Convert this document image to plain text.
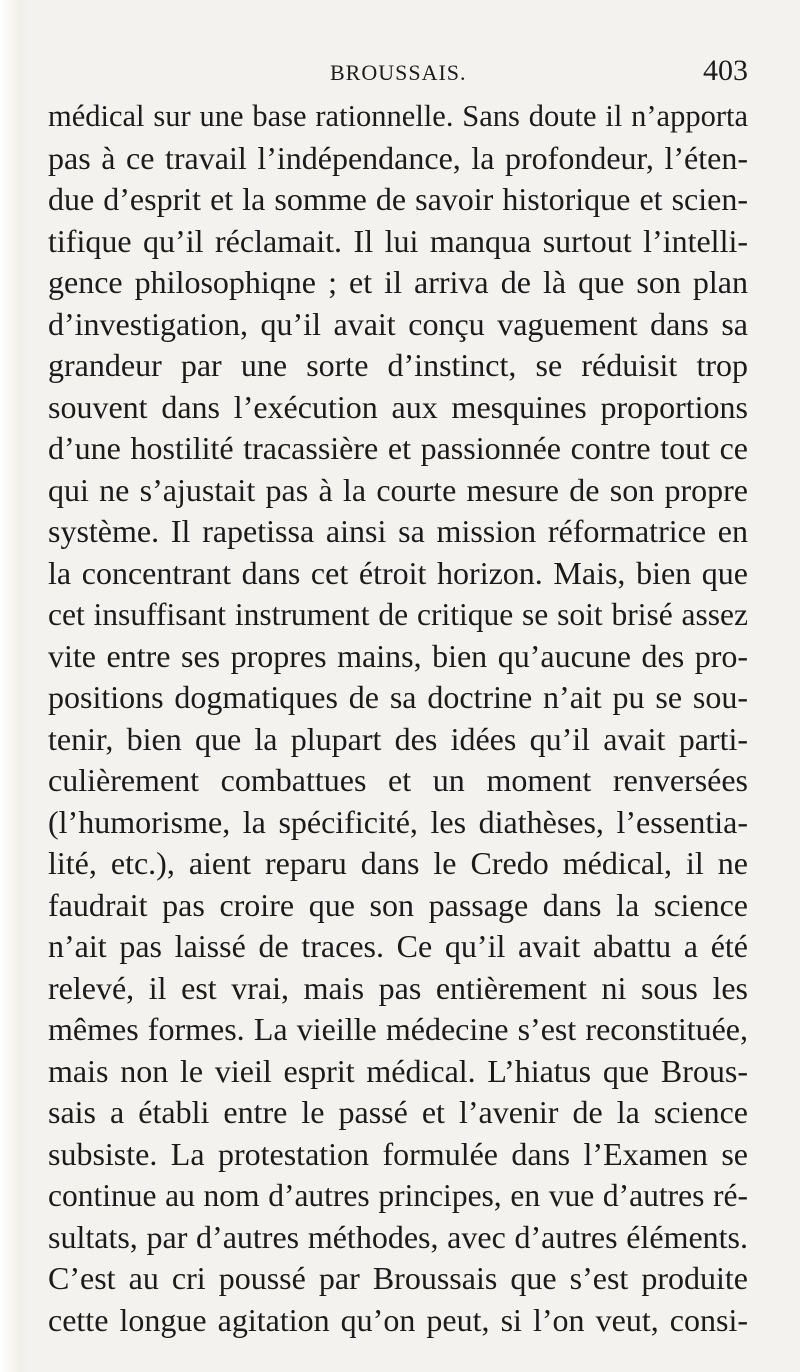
BROUSSAIS.	403
médical sur une base rationnelle. Sans doute il n’apporta
pas à ce travail l’indépendance, la profondeur, l’éten-
due d’esprit et la somme de savoir historique et scien-
tifique qu’il réclamait. Il lui manqua surtout l’intelli-
gence philosophiqne ; et il arriva de là que son plan
d’investigation, qu’il avait conçu vaguement dans sa
grandeur par une sorte d’instinct, se réduisit trop
souvent dans l’exécution aux mesquines proportions
d’une hostilité tracassière et passionnée contre tout ce
qui ne s’ajustait pas à la courte mesure de son propre
système. Il rapetissa ainsi sa mission réformatrice en
la concentrant dans cet étroit horizon. Mais, bien que
cet insuffisant instrument de critique se soit brisé assez
vite entre ses propres mains, bien qu’aucune des pro-
positions dogmatiques de sa doctrine n’ait pu se sou-
tenir, bien que la plupart des idées qu’il avait parti-
culièrement combattues et un moment renversées
(l’humorisme, la spécificité, les diathèses, l’essentia-
lité, etc.), aient reparu dans le Credo médical, il ne
faudrait pas croire que son passage dans la science
n’ait pas laissé de traces. Ce qu’il avait abattu a été
relevé, il est vrai, mais pas entièrement ni sous les
mêmes formes. La vieille médecine s’est reconstituée,
mais non le vieil esprit médical. L’hiatus que Brous-
sais a établi entre le passé et l’avenir de la science
subsiste. La protestation formulée dans l’Examen se
continue au nom d’autres principes, en vue d’autres ré-
sultats, par d’autres méthodes, avec d’autres éléments.
C’est au cri poussé par Broussais que s’est produite
cette longue agitation qu’on peut, si l’on veut, consi-
